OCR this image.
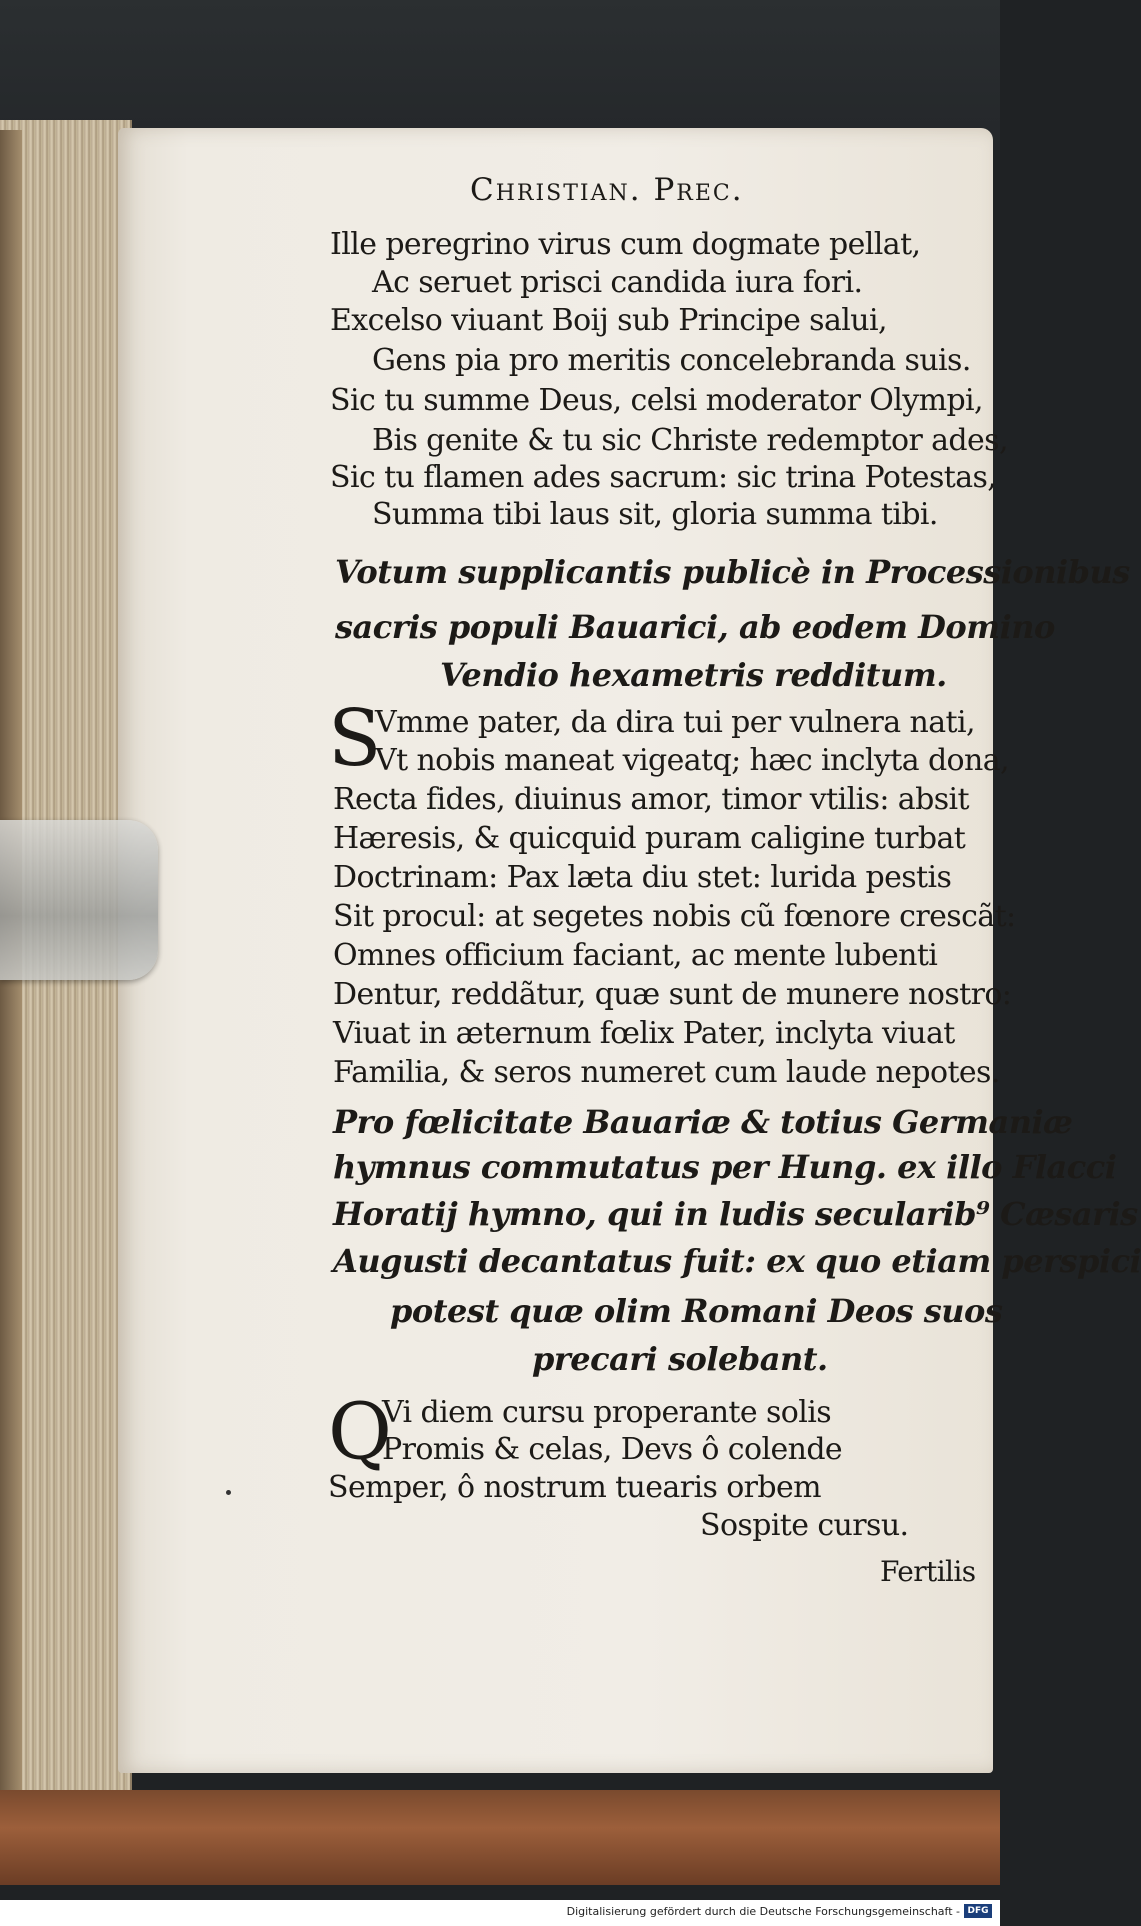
Christian. Prec.
Ille peregrino virus cum dogmate pellat,
Ac seruet prisci candida iura fori.
Excelso viuant Boij sub Principe salui,
Gens pia pro meritis concelebranda suis.
Sic tu summe Deus, celsi moderator Olympi,
Bis genite & tu sic Christe redemptor ades,
Sic tu flamen ades sacrum: sic trina Potestas,
Summa tibi laus sit, gloria summa tibi.
Votum supplicantis publicè in Processionibus
sacris populi Bauarici, ab eodem Domino
Vendio hexametris redditum.
S
Vmme pater, da dira tui per vulnera nati,
Vt nobis maneat vigeatq; hæc inclyta dona,
Recta fides, diuinus amor, timor vtilis: absit
Hæresis, & quicquid puram caligine turbat
Doctrinam: Pax læta diu stet: lurida pestis
Sit procul: at segetes nobis cũ fœnore crescãt:
Omnes officium faciant, ac mente lubenti
Dentur, reddãtur, quæ sunt de munere nostro:
Viuat in æternum fœlix Pater, inclyta viuat
Familia, & seros numeret cum laude nepotes.
Pro fœlicitate Bauariæ & totius Germaniæ
hymnus commutatus per Hung. ex illo Flacci
Horatij hymno, qui in ludis secularib⁹ Cæsaris
Augusti decantatus fuit: ex quo etiam perspici
potest quæ olim Romani Deos suos
precari solebant.
Q
Vi diem cursu properante solis
Promis & celas, Devs ô colende
Semper, ô nostrum tuearis orbem
Sospite cursu.
Fertilis
Digitalisierung gefördert durch die Deutsche Forschungsgemeinschaft - DFG
